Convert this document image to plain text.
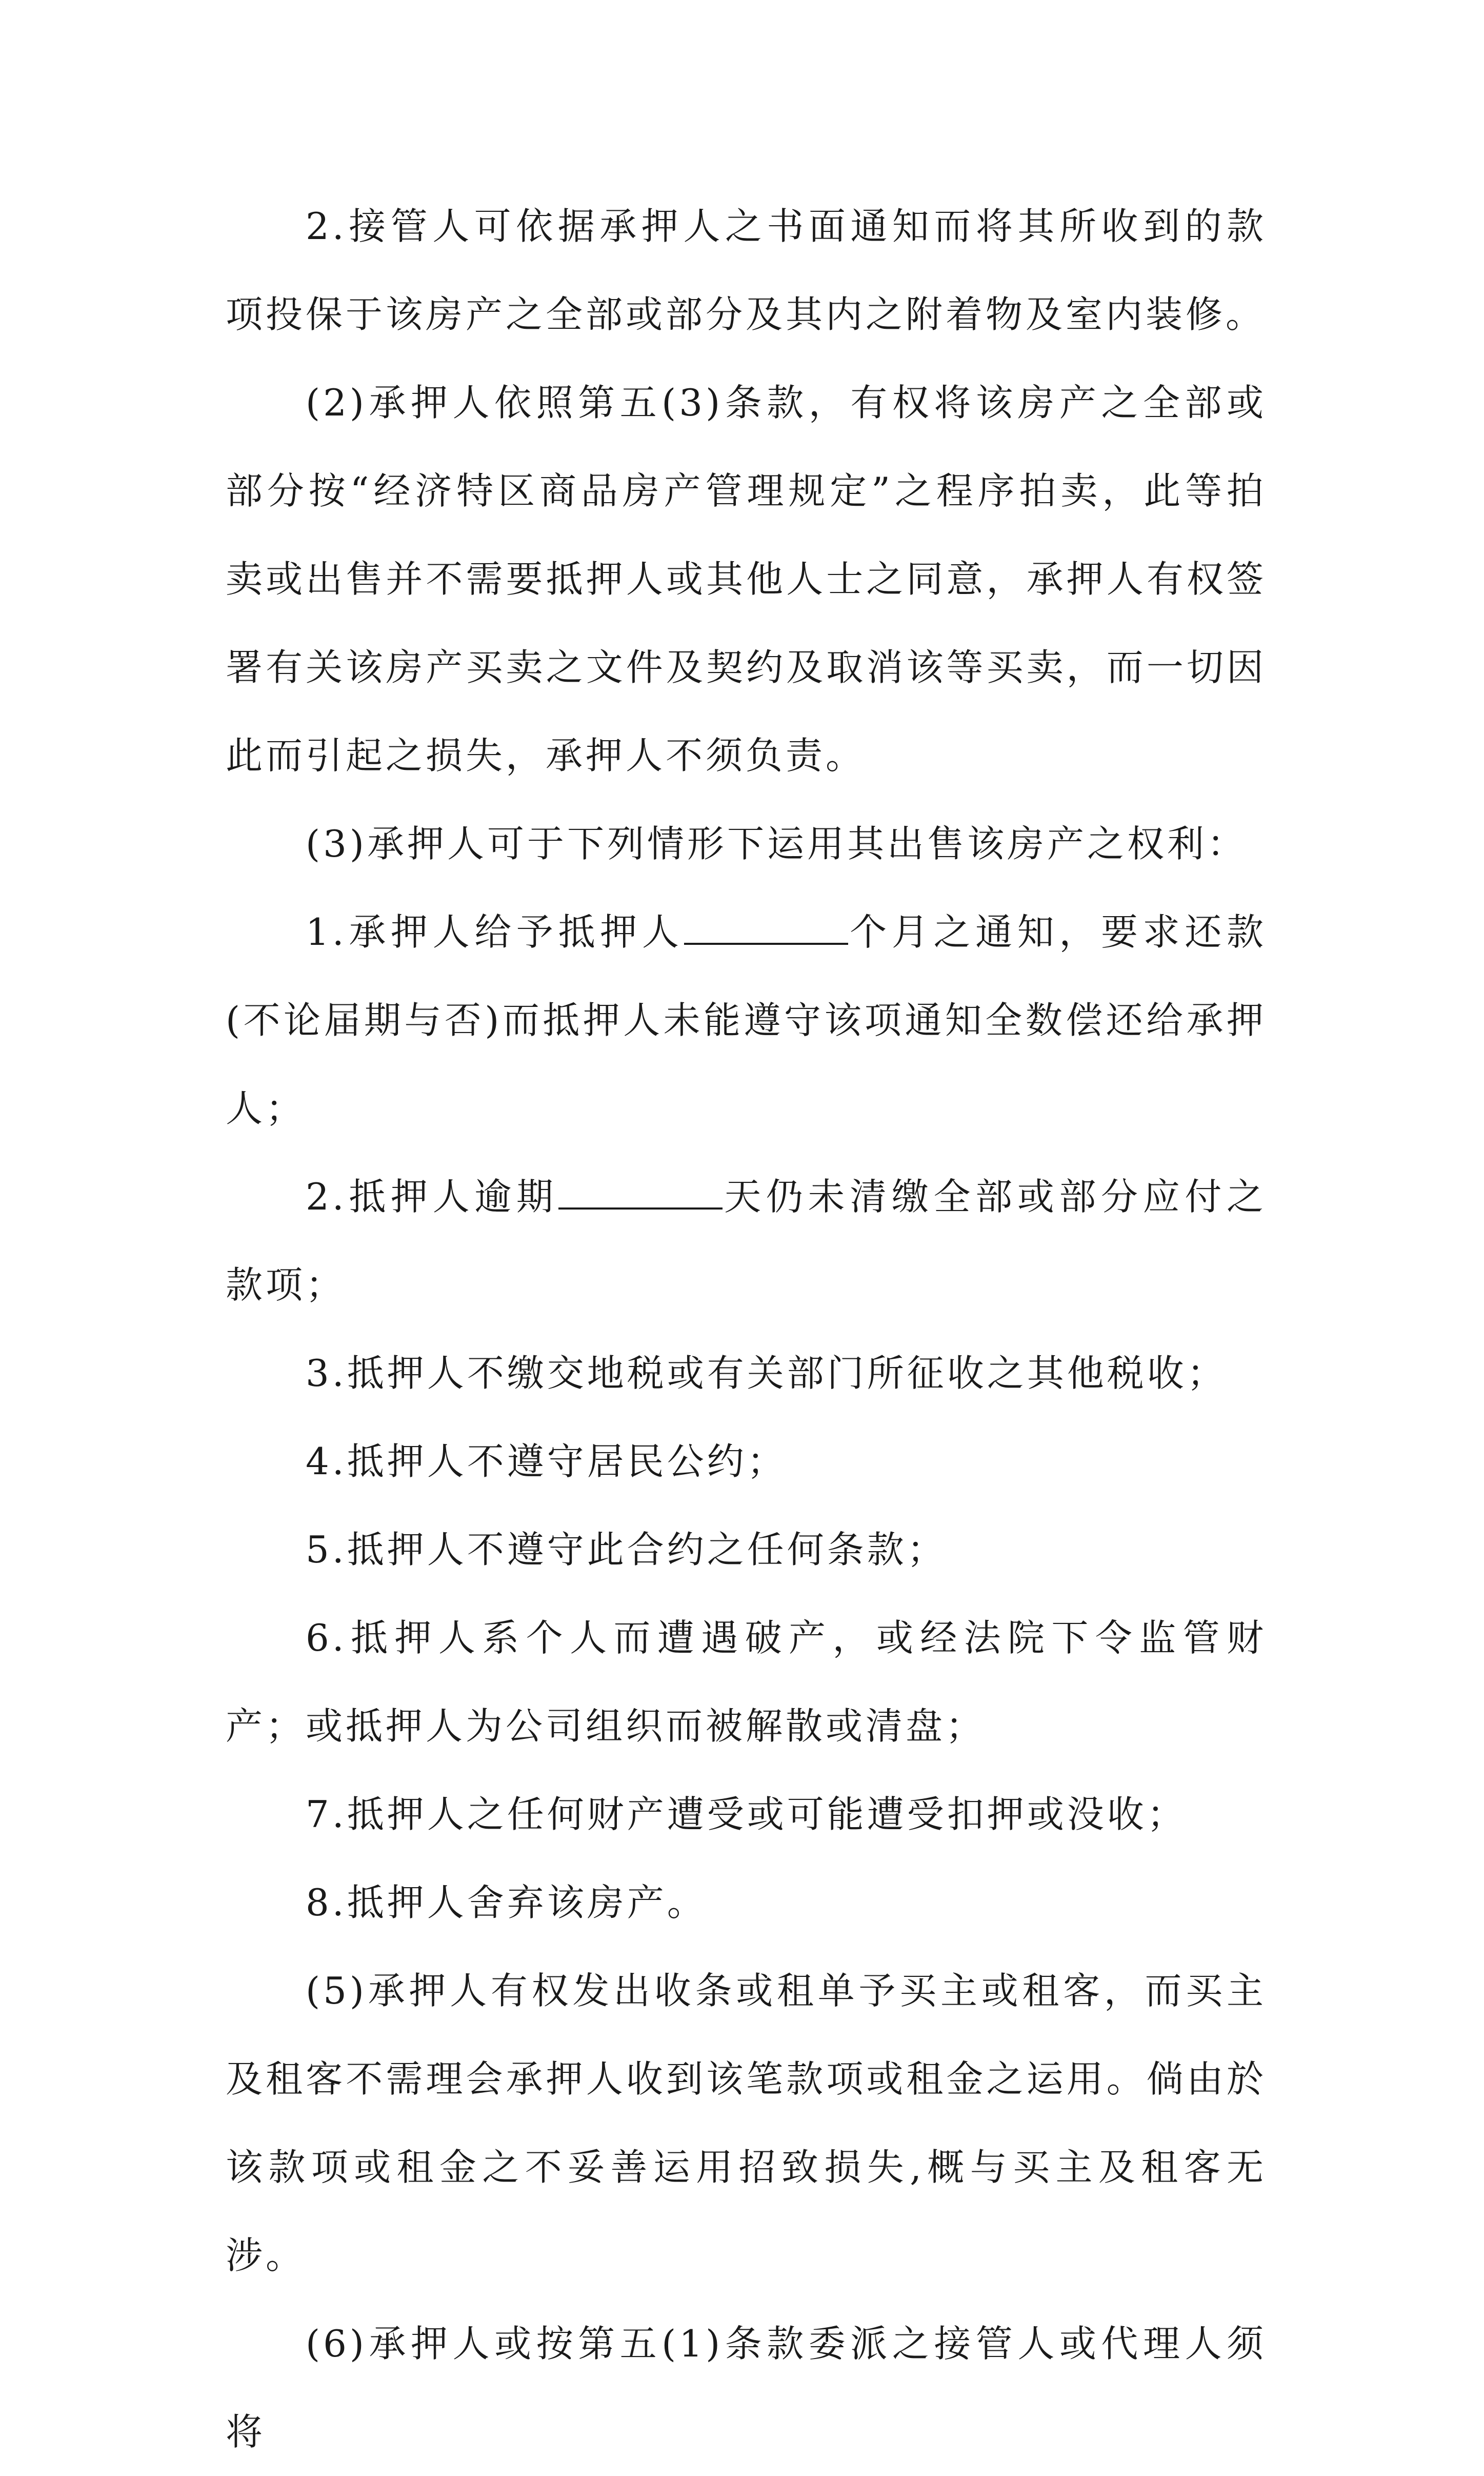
2.接管人可依据承押人之书面通知而将其所收到的款项投保于该房产之全部或部分及其内之附着物及室内装修。

(2)承押人依照第五(3)条款，有权将该房产之全部或部分按“经济特区商品房产管理规定”之程序拍卖，此等拍卖或出售并不需要抵押人或其他人士之同意，承押人有权签署有关该房产买卖之文件及契约及取消该等买卖，而一切因此而引起之损失，承押人不须负责。

(3)承押人可于下列情形下运用其出售该房产之权利：

1.承押人给予抵押人	个月之通知，要求还款(不论届期与否)而抵押人未能遵守该项通知全数偿还给承押人；

2.抵押人逾期	天仍未清缴全部或部分应付之款项；

3.抵押人不缴交地税或有关部门所征收之其他税收；

4.抵押人不遵守居民公约；

5.抵押人不遵守此合约之任何条款；

6.抵押人系个人而遭遇破产，或经法院下令监管财产；或抵押人为公司组织而被解散或清盘；

7.抵押人之任何财产遭受或可能遭受扣押或没收；

8.抵押人舍弃该房产。

(5)承押人有权发出收条或租单予买主或租客，而买主及租客不需理会承押人收到该笔款项或租金之运用。倘由於该款项或租金之不妥善运用招致损失,概与买主及租客无涉。

(6)承押人或按第五(1)条款委派之接管人或代理人须将
